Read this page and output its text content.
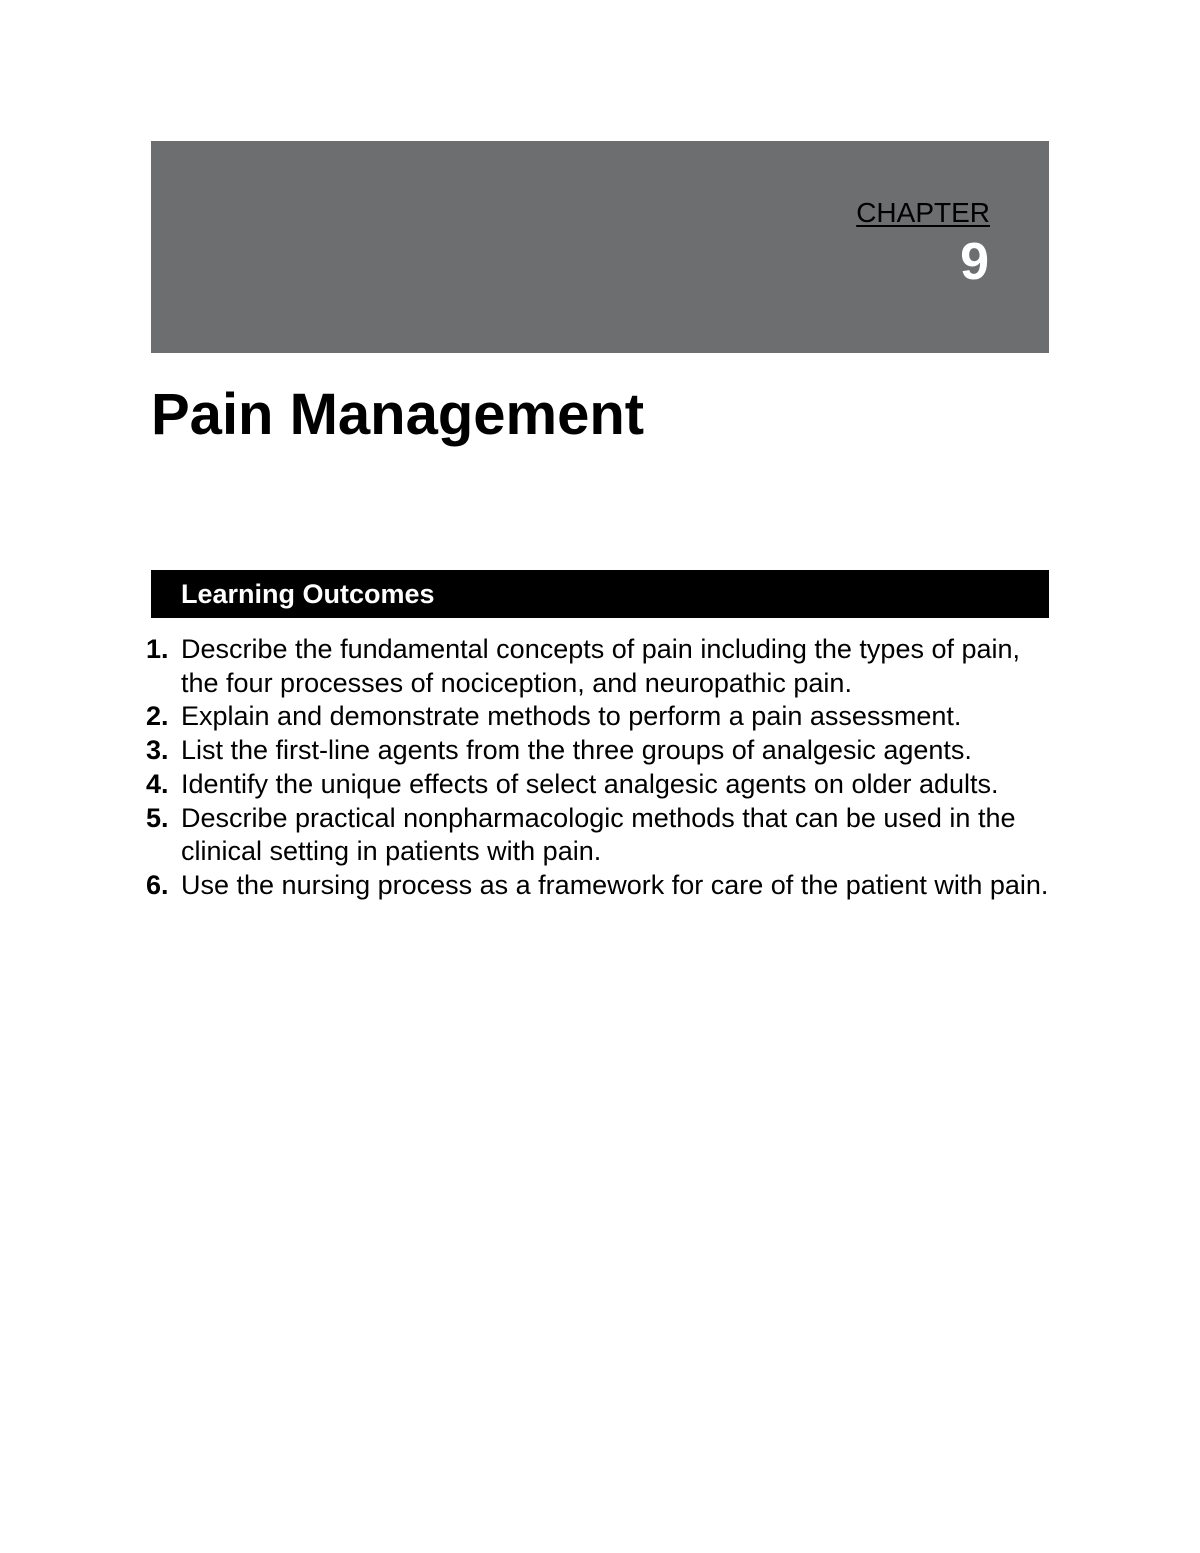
CHAPTER
9
Pain Management
Learning Outcomes
1. Describe the fundamental concepts of pain including the types of pain, the four processes of nociception, and neuropathic pain.
2. Explain and demonstrate methods to perform a pain assessment.
3. List the first-line agents from the three groups of analgesic agents.
4. Identify the unique effects of select analgesic agents on older adults.
5. Describe practical nonpharmacologic methods that can be used in the clinical setting in patients with pain.
6. Use the nursing process as a framework for care of the patient with pain.
